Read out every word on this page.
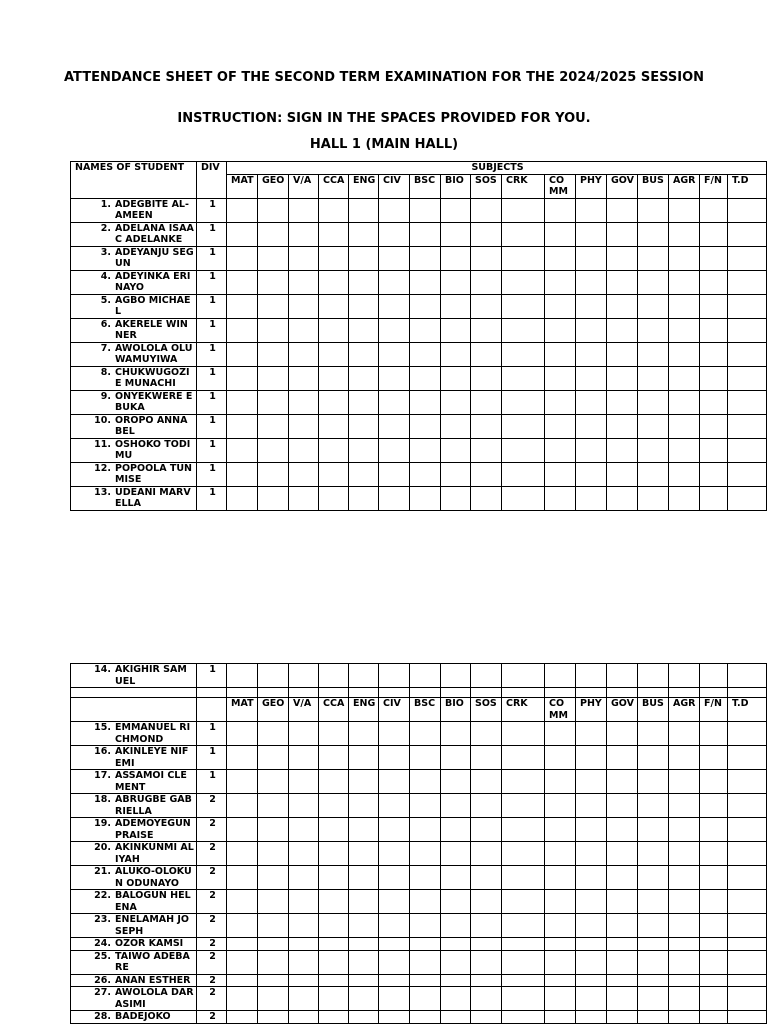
ATTENDANCE SHEET OF THE SECOND TERM EXAMINATION FOR THE 2024/2025 SESSION
INSTRUCTION: SIGN IN THE SPACES PROVIDED FOR YOU.
HALL 1 (MAIN HALL)
NAMES OF STUDENT	DIV	SUBJECTS																
		MAT	GEO	V/A	CCA	ENG	CIV	BSC	BIO	SOS	CRK	COMM	PHY	GOV	BUS	AGR	F/N	T.D

1. ADEGBITE AL-AMEEN	1																	

2. ADELANA ISAAC ADELANKE	1																	

3. ADEYANJU SEGUN	1																	

4. ADEYINKA ERINAYO	1																	

5. AGBO MICHAEL	1																	

6. AKERELE WINNER	1																	

7. AWOLOLA OLUWAMUYIWA	1																	

8. CHUKWUGOZIE MUNACHI	1																	

9. ONYEKWERE EBUKA	1																	

10. OROPO ANNABEL	1																	

11. OSHOKO TODIMU	1																	

12. POPOOLA TUNMISE	1																	

13. UDEANI MARVELLA	1																	
14. AKIGHIR SAMUEL	1																	

		MAT	GEO	V/A	CCA	ENG	CIV	BSC	BIO	SOS	CRK	COMM	PHY	GOV	BUS	AGR	F/N	T.D

15. EMMANUEL RICHMOND	1																	

16. AKINLEYE NIFEMI	1																	

17. ASSAMOI CLEMENT	1																	

18. ABRUGBE GABRIELLA	2																	

19. ADEMOYEGUN PRAISE	2																	

20. AKINKUNMI ALIYAH	2																	

21. ALUKO-OLOKUN ODUNAYO	2																	

22. BALOGUN HELENA	2																	

23. ENELAMAH JOSEPH	2																	

24. OZOR KAMSI	2																	

25. TAIWO ADEBARE	2																	

26. ANAN ESTHER	2																	

27. AWOLOLA DARASIMI	2																	

28. BADEJOKO	2																	
